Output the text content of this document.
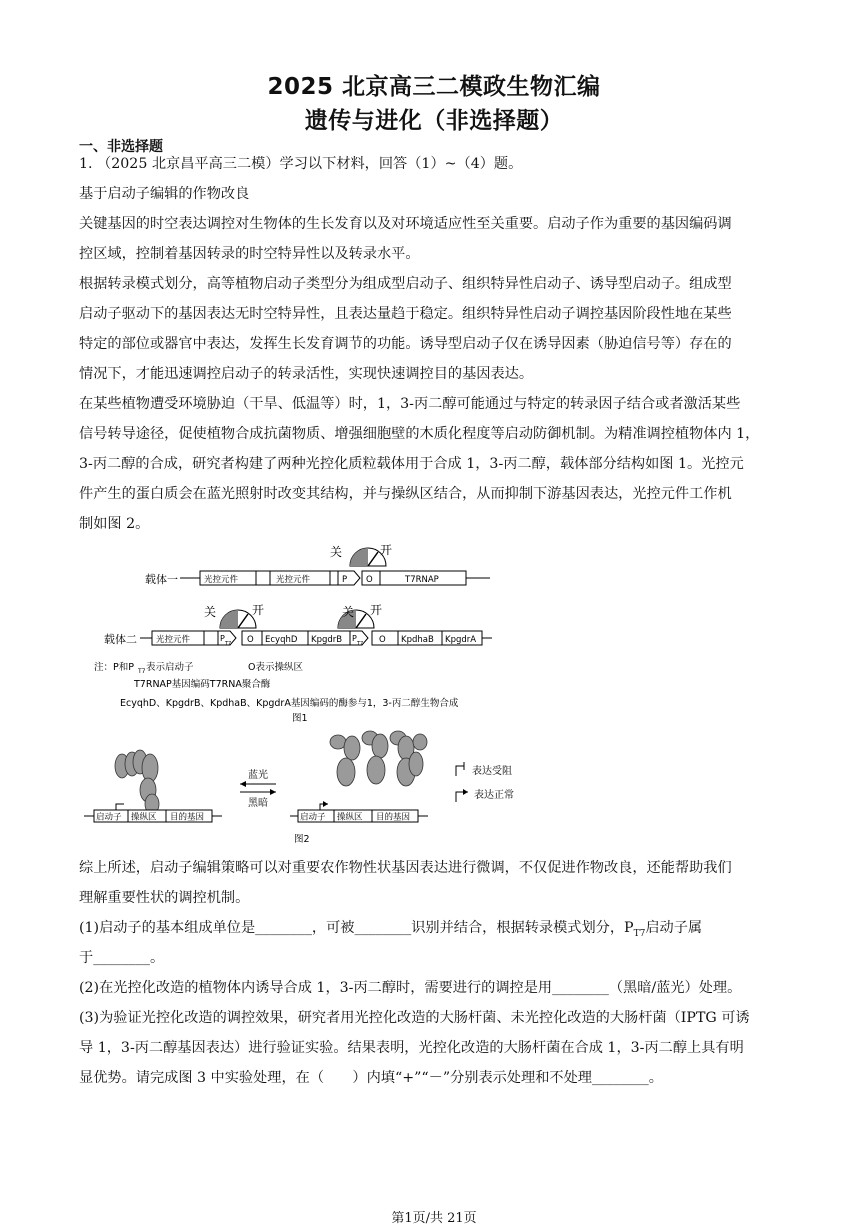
2025 北京高三二模政生物汇编
遗传与进化（非选择题）
一、非选择题
1. （2025 北京昌平高三二模）学习以下材料，回答（1）~（4）题。
基于启动子编辑的作物改良
关键基因的时空表达调控对生物体的生长发育以及对环境适应性至关重要。启动子作为重要的基因编码调
控区域，控制着基因转录的时空特异性以及转录水平。
根据转录模式划分，高等植物启动子类型分为组成型启动子、组织特异性启动子、诱导型启动子。组成型
启动子驱动下的基因表达无时空特异性，且表达量趋于稳定。组织特异性启动子调控基因阶段性地在某些
特定的部位或器官中表达，发挥生长发育调节的功能。诱导型启动子仅在诱导因素（胁迫信号等）存在的
情况下，才能迅速调控启动子的转录活性，实现快速调控目的基因表达。
在某些植物遭受环境胁迫（干旱、低温等）时，1，3-丙二醇可能通过与特定的转录因子结合或者激活某些
信号转导途径，促使植物合成抗菌物质、增强细胞壁的木质化程度等启动防御机制。为精准调控植物体内 1，
3-丙二醇的合成，研究者构建了两种光控化质粒载体用于合成 1，3-丙二醇，载体部分结构如图 1。光控元
件产生的蛋白质会在蓝光照射时改变其结构，并与操纵区结合，从而抑制下游基因表达，光控元件工作机
制如图 2。
关	开
载体一	光控元件	光控元件	P O	T7RNAP
关	开	关 开
载体二 光控元件	P
T7 O EcyqhD KpgdrB P
T7 O KpdhaB KpgdrA
注：P和P T7 表示启动子	O表示操纵区
T7RNAP基因编码T7RNA聚合酶
EcyqhD、KpgdrB、KpdhaB、KpgdrA基因编码的酶参与1，3-丙二醇生物合成
图1
启动子 操纵区 目的基因
蓝光
黑暗
启动子 操纵区 目的基因
表达受阻
表达正常
图2
综上所述，启动子编辑策略可以对重要农作物性状基因表达进行微调，不仅促进作物改良，还能帮助我们
理解重要性状的调控机制。
(1)启动子的基本组成单位是________，可被________识别并结合，根据转录模式划分，$P_{T7}$启动子属
于________。
(2)在光控化改造的植物体内诱导合成 1，3-丙二醇时，需要进行的调控是用________（黑暗/蓝光）处理。
(3)为验证光控化改造的调控效果，研究者用光控化改造的大肠杆菌、未光控化改造的大肠杆菌（IPTG 可诱
导 1，3-丙二醇基因表达）进行验证实验。结果表明，光控化改造的大肠杆菌在合成 1，3-丙二醇上具有明
显优势。请完成图 3 中实验处理，在（　　）内填“+”“－”分别表示处理和不处理________。
第1页/共 21页
